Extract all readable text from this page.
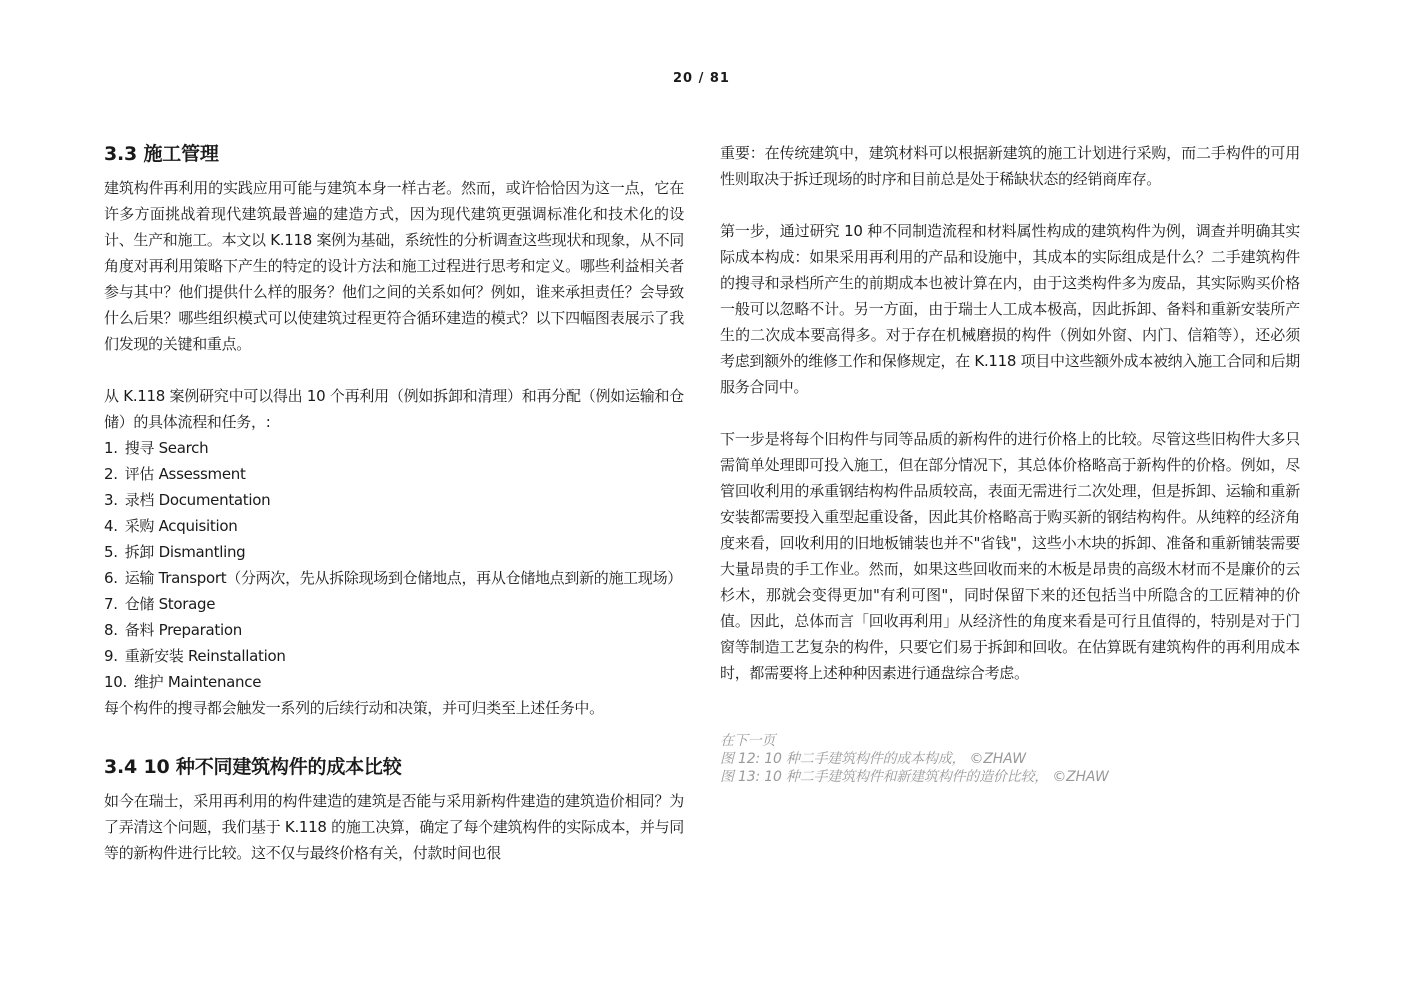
20 / 81
3.3 施工管理

建筑构件再利用的实践应用可能与建筑本身一样古老。然而，或许恰恰因为这一点，它在许多方面挑战着现代建筑最普遍的建造方式，因为现代建筑更强调标准化和技术化的设计、生产和施工。本文以 K.118 案例为基础，系统性的分析调查这些现状和现象，从不同角度对再利用策略下产生的特定的设计方法和施工过程进行思考和定义。哪些利益相关者参与其中？他们提供什么样的服务？他们之间的关系如何？例如，谁来承担责任？会导致什么后果？哪些组织模式可以使建筑过程更符合循环建造的模式？以下四幅图表展示了我们发现的关键和重点。

从 K.118 案例研究中可以得出 10 个再利用（例如拆卸和清理）和再分配（例如运输和仓储）的具体流程和任务，:

1. 搜寻 Search
2. 评估 Assessment
3. 录档 Documentation
4. 采购 Acquisition
5. 拆卸 Dismantling
6. 运输 Transport（分两次，先从拆除现场到仓储地点，再从仓储地点到新的施工现场）
7. 仓储 Storage
8. 备料 Preparation
9. 重新安装 Reinstallation
10. 维护 Maintenance

每个构件的搜寻都会触发一系列的后续行动和决策，并可归类至上述任务中。

3.4 10 种不同建筑构件的成本比较

如今在瑞士，采用再利用的构件建造的建筑是否能与采用新构件建造的建筑造价相同？为了弄清这个问题，我们基于 K.118 的施工决算，确定了每个建筑构件的实际成本，并与同等的新构件进行比较。这不仅与最终价格有关，付款时间也很

重要：在传统建筑中，建筑材料可以根据新建筑的施工计划进行采购，而二手构件的可用性则取决于拆迁现场的时序和目前总是处于稀缺状态的经销商库存。

第一步，通过研究 10 种不同制造流程和材料属性构成的建筑构件为例，调查并明确其实际成本构成：如果采用再利用的产品和设施中，其成本的实际组成是什么？二手建筑构件的搜寻和录档所产生的前期成本也被计算在内，由于这类构件多为废品，其实际购买价格一般可以忽略不计。另一方面，由于瑞士人工成本极高，因此拆卸、备料和重新安装所产生的二次成本要高得多。对于存在机械磨损的构件（例如外窗、内门、信箱等），还必须考虑到额外的维修工作和保修规定，在 K.118 项目中这些额外成本被纳入施工合同和后期服务合同中。

下一步是将每个旧构件与同等品质的新构件的进行价格上的比较。尽管这些旧构件大多只需简单处理即可投入施工，但在部分情况下，其总体价格略高于新构件的价格。例如，尽管回收利用的承重钢结构构件品质较高，表面无需进行二次处理，但是拆卸、运输和重新安装都需要投入重型起重设备，因此其价格略高于购买新的钢结构构件。从纯粹的经济角度来看，回收利用的旧地板铺装也并不"省钱"，这些小木块的拆卸、准备和重新铺装需要大量昂贵的手工作业。然而，如果这些回收而来的木板是昂贵的高级木材而不是廉价的云杉木，那就会变得更加"有利可图"，同时保留下来的还包括当中所隐含的工匠精神的价值。因此，总体而言「回收再利用」从经济性的角度来看是可行且值得的，特别是对于门窗等制造工艺复杂的构件，只要它们易于拆卸和回收。在估算既有建筑构件的再利用成本时，都需要将上述种种因素进行通盘综合考虑。

在下一页
图 12: 10 种二手建筑构件的成本构成， ©ZHAW
图 13: 10 种二手建筑构件和新建筑构件的造价比较， ©ZHAW
